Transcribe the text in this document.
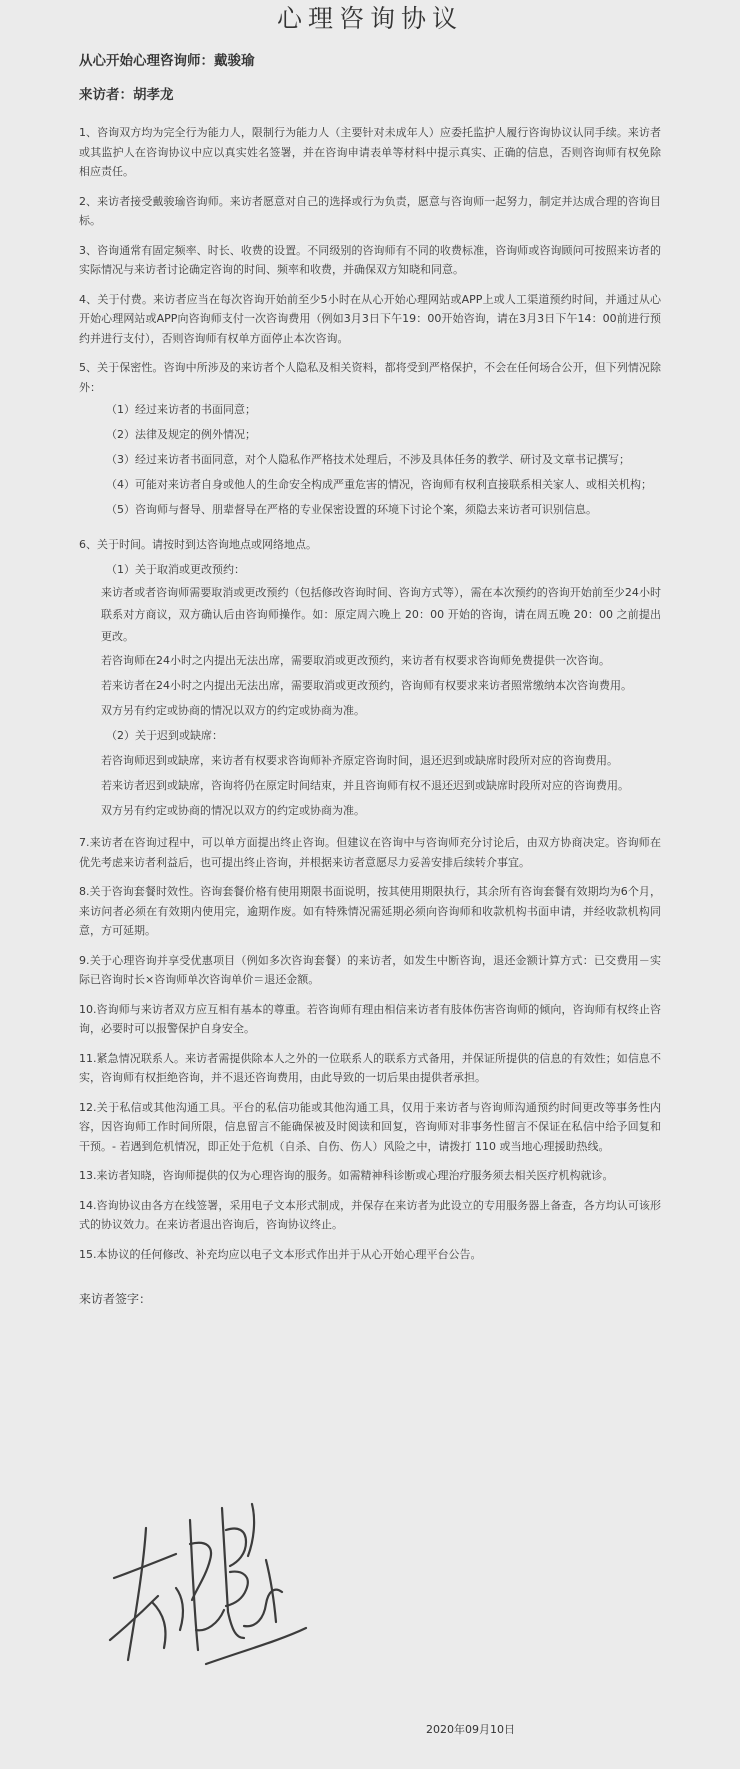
心理咨询协议
从心开始心理咨询师：戴骏瑜
来访者：胡孝龙

1、咨询双方均为完全行为能力人，限制行为能力人（主要针对未成年人）应委托监护人履行咨询协议认同手续。来访者或其监护人在咨询协议中应以真实姓名签署，并在咨询申请表单等材料中提示真实、正确的信息，否则咨询师有权免除相应责任。

2、来访者接受戴骏瑜咨询师。来访者愿意对自己的选择或行为负责，愿意与咨询师一起努力，制定并达成合理的咨询目标。

3、咨询通常有固定频率、时长、收费的设置。不同级别的咨询师有不同的收费标准，咨询师或咨询顾问可按照来访者的实际情况与来访者讨论确定咨询的时间、频率和收费，并确保双方知晓和同意。

4、关于付费。来访者应当在每次咨询开始前至少5小时在从心开始心理网站或APP上或人工渠道预约时间，并通过从心开始心理网站或APP向咨询师支付一次咨询费用（例如3月3日下午19：00开始咨询，请在3月3日下午14：00前进行预约并进行支付），否则咨询师有权单方面停止本次咨询。

5、关于保密性。咨询中所涉及的来访者个人隐私及相关资料，都将受到严格保护，不会在任何场合公开，但下列情况除外：

（1）经过来访者的书面同意；

（2）法律及规定的例外情况；

（3）经过来访者书面同意，对个人隐私作严格技术处理后，不涉及具体任务的教学、研讨及文章书记撰写；

（4）可能对来访者自身或他人的生命安全构成严重危害的情况，咨询师有权利直接联系相关家人、或相关机构；

（5）咨询师与督导、朋辈督导在严格的专业保密设置的环境下讨论个案，须隐去来访者可识别信息。

6、关于时间。请按时到达咨询地点或网络地点。

（1）关于取消或更改预约：

来访者或者咨询师需要取消或更改预约（包括修改咨询时间、咨询方式等），需在本次预约的咨询开始前至少24小时联系对方商议，双方确认后由咨询师操作。如：原定周六晚上 20：00 开始的咨询，请在周五晚 20：00 之前提出更改。

若咨询师在24小时之内提出无法出席，需要取消或更改预约，来访者有权要求咨询师免费提供一次咨询。

若来访者在24小时之内提出无法出席，需要取消或更改预约，咨询师有权要求来访者照常缴纳本次咨询费用。

双方另有约定或协商的情况以双方的约定或协商为准。

（2）关于迟到或缺席：

若咨询师迟到或缺席，来访者有权要求咨询师补齐原定咨询时间，退还迟到或缺席时段所对应的咨询费用。

若来访者迟到或缺席，咨询将仍在原定时间结束，并且咨询师有权不退还迟到或缺席时段所对应的咨询费用。

双方另有约定或协商的情况以双方的约定或协商为准。

7.来访者在咨询过程中，可以单方面提出终止咨询。但建议在咨询中与咨询师充分讨论后，由双方协商决定。咨询师在优先考虑来访者利益后，也可提出终止咨询，并根据来访者意愿尽力妥善安排后续转介事宜。

8.关于咨询套餐时效性。咨询套餐价格有使用期限书面说明，按其使用期限执行，其余所有咨询套餐有效期均为6个月，来访问者必须在有效期内使用完，逾期作废。如有特殊情况需延期必须向咨询师和收款机构书面申请，并经收款机构同意，方可延期。

9.关于心理咨询并享受优惠项目（例如多次咨询套餐）的来访者，如发生中断咨询，退还金额计算方式：已交费用－实际已咨询时长×咨询师单次咨询单价＝退还金额。

10.咨询师与来访者双方应互相有基本的尊重。若咨询师有理由相信来访者有肢体伤害咨询师的倾向，咨询师有权终止咨询，必要时可以报警保护自身安全。

11.紧急情况联系人。来访者需提供除本人之外的一位联系人的联系方式备用，并保证所提供的信息的有效性；如信息不实，咨询师有权拒绝咨询，并不退还咨询费用，由此导致的一切后果由提供者承担。

12.关于私信或其他沟通工具。平台的私信功能或其他沟通工具，仅用于来访者与咨询师沟通预约时间更改等事务性内容，因咨询师工作时间所限，信息留言不能确保被及时阅读和回复，咨询师对非事务性留言不保证在私信中给予回复和干预。- 若遇到危机情况，即正处于危机（自杀、自伤、伤人）风险之中，请拨打 110 或当地心理援助热线。

13.来访者知晓，咨询师提供的仅为心理咨询的服务。如需精神科诊断或心理治疗服务须去相关医疗机构就诊。

14.咨询协议由各方在线签署，采用电子文本形式制成，并保存在来访者为此设立的专用服务器上备查，各方均认可该形式的协议效力。在来访者退出咨询后，咨询协议终止。

15.本协议的任何修改、补充均应以电子文本形式作出并于从心开始心理平台公告。

来访者签字：
2020年09月10日
